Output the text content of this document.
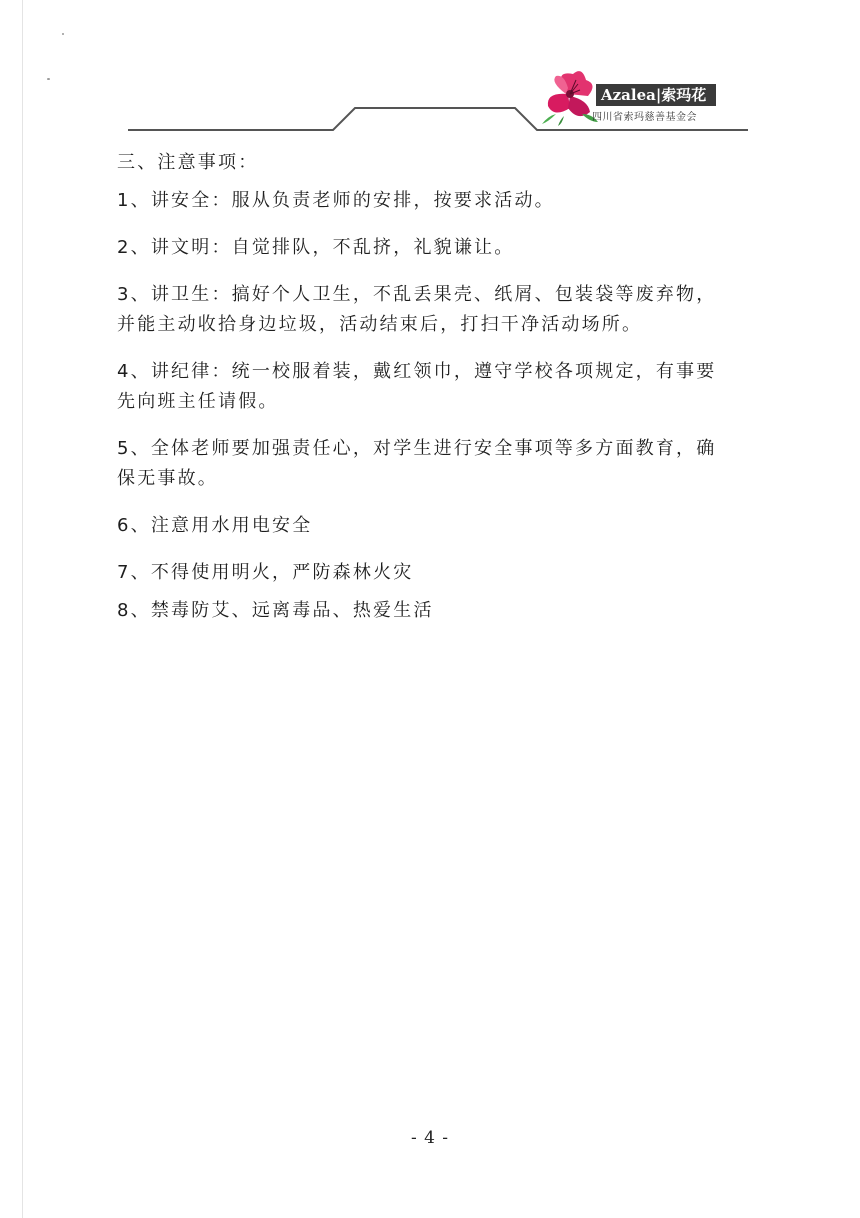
Azalea|索玛花
四川省索玛慈善基金会
三、注意事项：
1、讲安全：服从负责老师的安排，按要求活动。
2、讲文明：自觉排队，不乱挤，礼貌谦让。
3、讲卫生：搞好个人卫生，不乱丢果壳、纸屑、包装袋等废弃物，
并能主动收拾身边垃圾，活动结束后，打扫干净活动场所。
4、讲纪律：统一校服着装，戴红领巾，遵守学校各项规定，有事要
先向班主任请假。
5、全体老师要加强责任心，对学生进行安全事项等多方面教育，确
保无事故。
6、注意用水用电安全
7、不得使用明火，严防森林火灾
8、禁毒防艾、远离毒品、热爱生活
- 4 -
